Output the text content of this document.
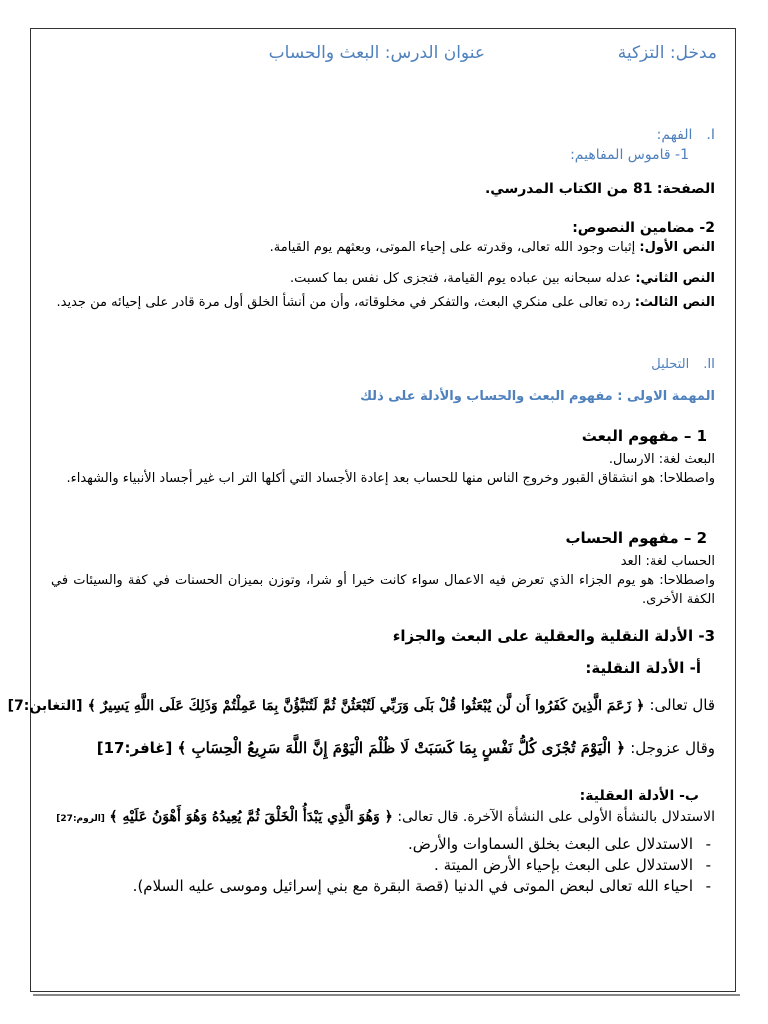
مدخل: التزكية
عنوان الدرس: البعث والحساب
I.الفهم:
1- قاموس المفاهيم:
الصفحة: 81 من الكتاب المدرسي.
2- مضامين النصوص:

النص الأول: إثبات وجود الله تعالى، وقدرته على إحياء الموتى، وبعثهم يوم القيامة.

النص الثاني: عدله سبحانه بين عباده يوم القيامة، فتجزى كل نفس بما كسبت.

النص الثالث: رده تعالى على منكري البعث، والتفكر في مخلوقاته، وأن من أنشأ الخلق أول مرة قادر على إحيائه من جديد.

II.التحليل
المهمة الاولى : مفهوم البعث والحساب والأدلة على ذلك
1 – مفهوم البعث

البعث لغة: الارسال.

واصطلاحا: هو انشقاق القبور وخروج الناس منها للحساب بعد إعادة الأجساد التي أكلها التر اب غير أجساد الأنبياء والشهداء.

2 – مفهوم الحساب

الحساب لغة: العد

واصطلاحا: هو يوم الجزاء الذي تعرض فيه الاعمال سواء كانت خيرا أو شرا، وتوزن بميزان الحسنات في كفة والسيئات في الكفة الأخرى.

3- الأدلة النقلية والعقلية على البعث والجزاء
أ- الأدلة النقلية:
قال تعالى: ﴿ زَعَمَ الَّذِينَ كَفَرُوا أَن لَّن يُبْعَثُوا قُلْ بَلَى وَرَبِّي لَتُبْعَثُنَّ ثُمَّ لَتُنَبَّؤُنَّ بِمَا عَمِلْتُمْ وَذَلِكَ عَلَى اللَّهِ يَسِيرٌ ﴾ [التغابن:7]
وقال عزوجل: ﴿ الْيَوْمَ تُجْزَى كُلُّ نَفْسٍ بِمَا كَسَبَتْ لَا ظُلْمَ الْيَوْمَ إِنَّ اللَّهَ سَرِيعُ الْحِسَابِ ﴾ [غافر:17]
ب- الأدلة العقلية:

الاستدلال بالنشأة الأولى على النشأة الآخرة. قال تعالى: ﴿ وَهُوَ الَّذِي يَبْدَأُ الْخَلْقَ ثُمَّ يُعِيدُهُ وَهُوَ أَهْوَنُ عَلَيْهِ ﴾ [الروم:27]

- الاستدلال على البعث بخلق السماوات والأرض.
- الاستدلال على البعث بإحياء الأرض الميتة .
- احياء الله تعالى لبعض الموتى في الدنيا (قصة البقرة مع بني إسرائيل وموسى عليه السلام).
